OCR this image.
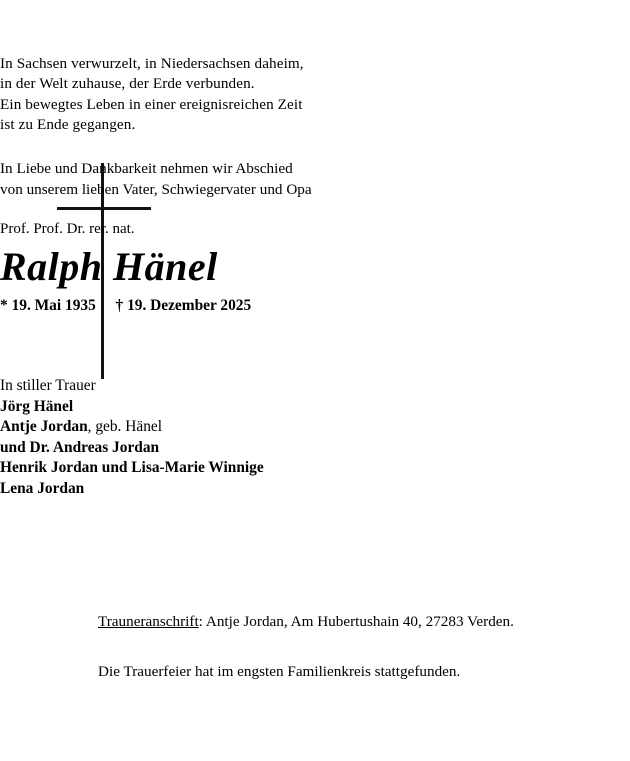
In Sachsen verwurzelt, in Niedersachsen daheim,
in der Welt zuhause, der Erde verbunden.
Ein bewegtes Leben in einer ereignisreichen Zeit
ist zu Ende gegangen.
In Liebe und Dankbarkeit nehmen wir Abschied
von unserem lieben Vater, Schwiegervater und Opa
Prof. Prof. Dr. rer. nat.
Ralph Hänel
* 19. Mai 1935 † 19. Dezember 2025
In stiller Trauer
Jörg Hänel
Antje Jordan, geb. Hänel
und Dr. Andreas Jordan
Henrik Jordan und Lisa-Marie Winnige
Lena Jordan
Trauneranschrift: Antje Jordan, Am Hubertushain 40, 27283 Verden.
Die Trauerfeier hat im engsten Familienkreis stattgefunden.
